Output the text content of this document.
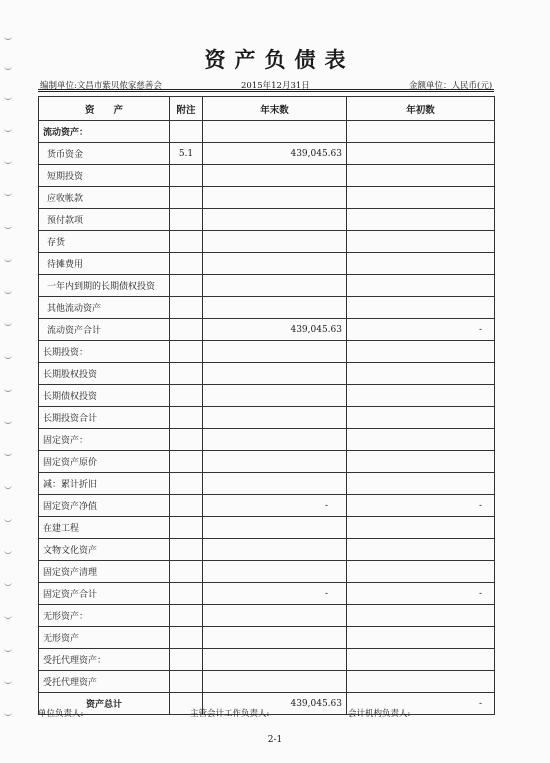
资产负债表
编制单位:文昌市紫贝侬家慈善会	2015年12月31日	金额单位：人民币(元)
资　　产	附注	年末数	年初数
流动资产：			
货币资金	5.1	439,045.63	
短期投资			
应收帐款			
预付款项			
存货			
待摊费用			
一年内到期的长期债权投资			
其他流动资产			
流动资产合计		439,045.63	-
长期投资：			
长期股权投资			
长期债权投资			
长期投资合计			
固定资产：			
固定资产原价			
减：累计折旧			
固定资产净值		-	-
在建工程			
文物文化资产			
固定资产清理			
固定资产合计		-	-
无形资产：			
无形资产			
受托代理资产：			
受托代理资产			
资产总计		439,045.63	-
单位负责人:	主管会计工作负责人:	会计机构负责人:
2-1
